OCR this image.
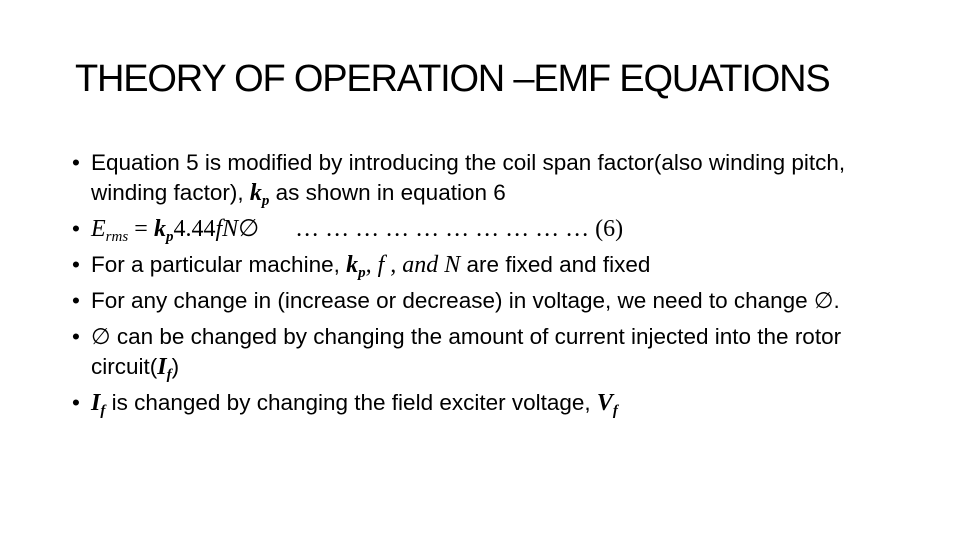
THEORY OF OPERATION –EMF EQUATIONS
• Equation 5 is modified by introducing the coil span factor(also winding pitch, winding factor), $k_p$ as shown in equation 6
• $E_{rms}$ = $k_p4.44fN\emptyset$ … … … … … … … … … … (6)
• For a particular machine, $k_p$, f , and N are fixed and fixed
• For any change in (increase or decrease) in voltage, we need to change ∅.
• ∅ can be changed by changing the amount of current injected into the rotor $circuit(I_f)$
• $I_f$ is changed by changing the field exciter voltage, $V_f$
